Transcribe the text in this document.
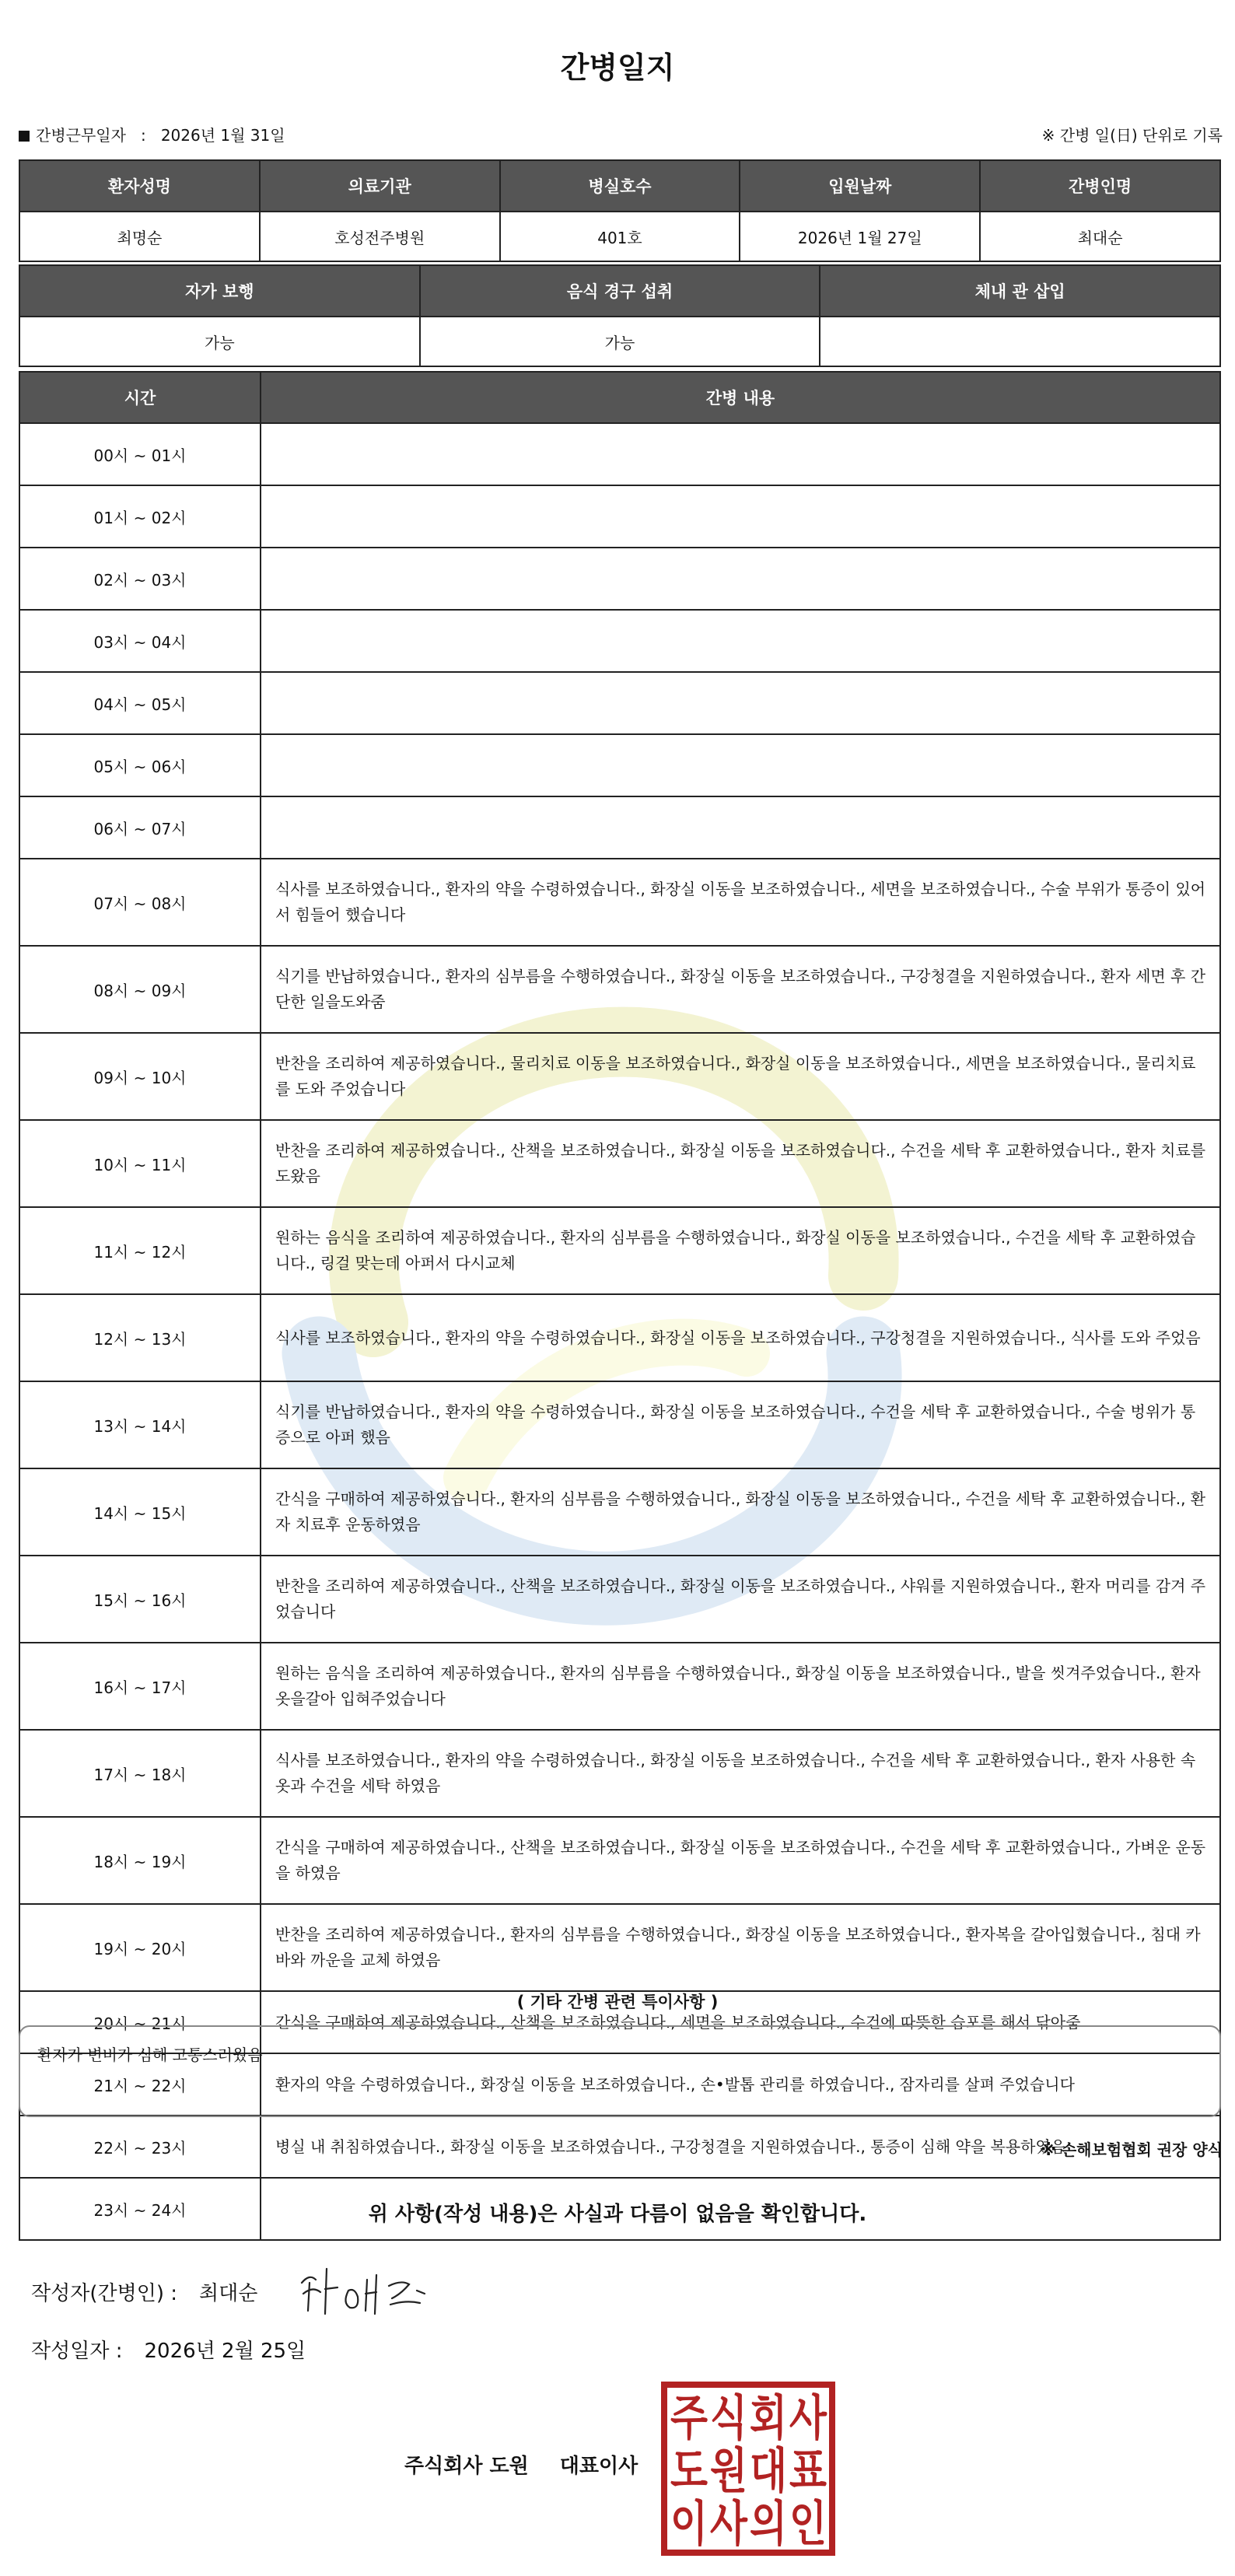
간병일지
간병근무일자 : 2026년 1월 31일	※ 간병 일(日) 단위로 기록
환자성명	의료기관	병실호수	입원날짜	간병인명
최명순	호성전주병원	401호	2026년 1월 27일	최대순
자가 보행	음식 경구 섭취	체내 관 삽입
가능	가능	
시간	간병 내용
00시 ~ 01시	
01시 ~ 02시	
02시 ~ 03시	
03시 ~ 04시	
04시 ~ 05시	
05시 ~ 06시	
06시 ~ 07시	
07시 ~ 08시	식사를 보조하였습니다., 환자의 약을 수령하였습니다., 화장실 이동을 보조하였습니다., 세면을 보조하였습니다., 수술 부위가 통증이 있어서 힘들어 했습니다
08시 ~ 09시	식기를 반납하였습니다., 환자의 심부름을 수행하였습니다., 화장실 이동을 보조하였습니다., 구강청결을 지원하였습니다., 환자 세면 후 간단한 일을도와줌
09시 ~ 10시	반찬을 조리하여 제공하였습니다., 물리치료 이동을 보조하였습니다., 화장실 이동을 보조하였습니다., 세면을 보조하였습니다., 물리치료를 도와 주었습니다
10시 ~ 11시	반찬을 조리하여 제공하였습니다., 산책을 보조하였습니다., 화장실 이동을 보조하였습니다., 수건을 세탁 후 교환하였습니다., 환자 치료를 도왔음
11시 ~ 12시	원하는 음식을 조리하여 제공하였습니다., 환자의 심부름을 수행하였습니다., 화장실 이동을 보조하였습니다., 수건을 세탁 후 교환하였습니다., 링걸 맞는데 아퍼서 다시교체
12시 ~ 13시	식사를 보조하였습니다., 환자의 약을 수령하였습니다., 화장실 이동을 보조하였습니다., 구강청결을 지원하였습니다., 식사를 도와 주었음
13시 ~ 14시	식기를 반납하였습니다., 환자의 약을 수령하였습니다., 화장실 이동을 보조하였습니다., 수건을 세탁 후 교환하였습니다., 수술 벙위가 통증으로 아퍼 했음
14시 ~ 15시	간식을 구매하여 제공하였습니다., 환자의 심부름을 수행하였습니다., 화장실 이동을 보조하였습니다., 수건을 세탁 후 교환하였습니다., 환자 치료후 운동하였음
15시 ~ 16시	반찬을 조리하여 제공하였습니다., 산책을 보조하였습니다., 화장실 이동을 보조하였습니다., 샤워를 지원하였습니다., 환자 머리를 감겨 주었습니다
16시 ~ 17시	원하는 음식을 조리하여 제공하였습니다., 환자의 심부름을 수행하였습니다., 화장실 이동을 보조하였습니다., 발을 씻겨주었습니다., 환자 옷을갈아 입혀주었습니다
17시 ~ 18시	식사를 보조하였습니다., 환자의 약을 수령하였습니다., 화장실 이동을 보조하였습니다., 수건을 세탁 후 교환하였습니다., 환자 사용한 속옷과 수건을 세탁 하였음
18시 ~ 19시	간식을 구매하여 제공하였습니다., 산책을 보조하였습니다., 화장실 이동을 보조하였습니다., 수건을 세탁 후 교환하였습니다., 가벼운 운동을 하였음
19시 ~ 20시	반찬을 조리하여 제공하였습니다., 환자의 심부름을 수행하였습니다., 화장실 이동을 보조하였습니다., 환자복을 갈아입혔습니다., 침대 카바와 까운을 교체 하였음
20시 ~ 21시	간식을 구매하여 제공하였습니다., 산책을 보조하였습니다., 세면을 보조하였습니다., 수건에 따뜻한 습포를 해서 닦아줌
21시 ~ 22시	환자의 약을 수령하였습니다., 화장실 이동을 보조하였습니다., 손•발톱 관리를 하였습니다., 잠자리를 살펴 주었습니다
22시 ~ 23시	병실 내 취침하였습니다., 화장실 이동을 보조하였습니다., 구강청결을 지원하였습니다., 통증이 심해 약을 복용하였음
23시 ~ 24시	
( 기타 간병 관련 특이사항 )
환자가 변비가 심해 고통스러웠음
※ 손해보험협회 권장 양식
위 사항(작성 내용)은 사실과 다름이 없음을 확인합니다.
작성자(간병인) : 최대순
작성일자 : 2026년 2월 25일
주식회사 도원 대표이사
주 식 회 사
도 원 대 표
이 사 의 인
